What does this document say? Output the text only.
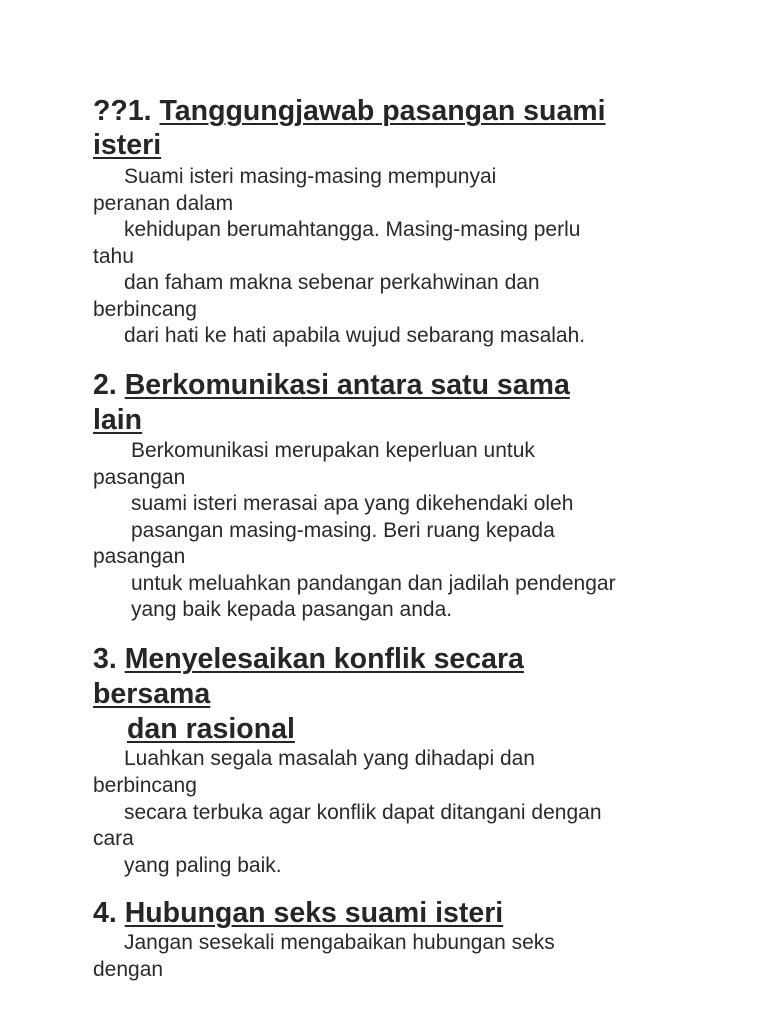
??1. Tanggungjawab pasangan suami
isteri

Suami isteri masing-masing mempunyai

peranan dalam

kehidupan berumahtangga. Masing-masing perlu

tahu

dan faham makna sebenar perkahwinan dan

berbincang

dari hati ke hati apabila wujud sebarang masalah.

2. Berkomunikasi antara satu sama
lain

Berkomunikasi merupakan keperluan untuk

pasangan

suami isteri merasai apa yang dikehendaki oleh

pasangan masing-masing. Beri ruang kepada

pasangan

untuk meluahkan pandangan dan jadilah pendengar

yang baik kepada pasangan anda.

3. Menyelesaikan konflik secara
bersama
dan rasional

Luahkan segala masalah yang dihadapi dan

berbincang

secara terbuka agar konflik dapat ditangani dengan

cara

yang paling baik.

4. Hubungan seks suami isteri

Jangan sesekali mengabaikan hubungan seks

dengan
